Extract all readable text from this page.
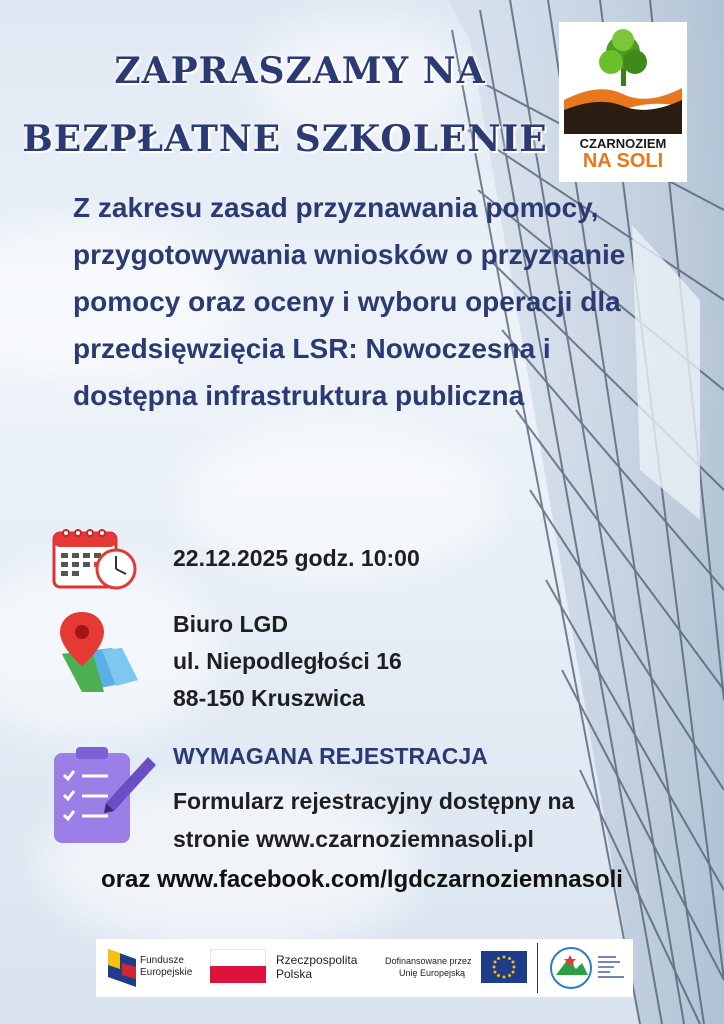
ZAPRASZAMY NA
BEZPŁATNE SZKOLENIE	CZARNOZIEM
NA SOLI
Z zakresu zasad przyznawania pomocy, przygotowywania wniosków o przyznanie pomocy oraz oceny i wyboru operacji dla przedsięwzięcia LSR: Nowoczesna i dostępna infrastruktura publiczna
22.12.2025 godz. 10:00
Biuro LGD
ul. Niepodległości 16
88-150 Kruszwica
WYMAGANA REJESTRACJA
Formularz rejestracyjny dostępny na
stronie www.czarnoziemnasoli.pl
oraz www.facebook.com/lgdczarnoziemnasoli
Fundusze
Europejskie
Rzeczpospolita
Polska
Dofinansowane przez
Unię Europejską
